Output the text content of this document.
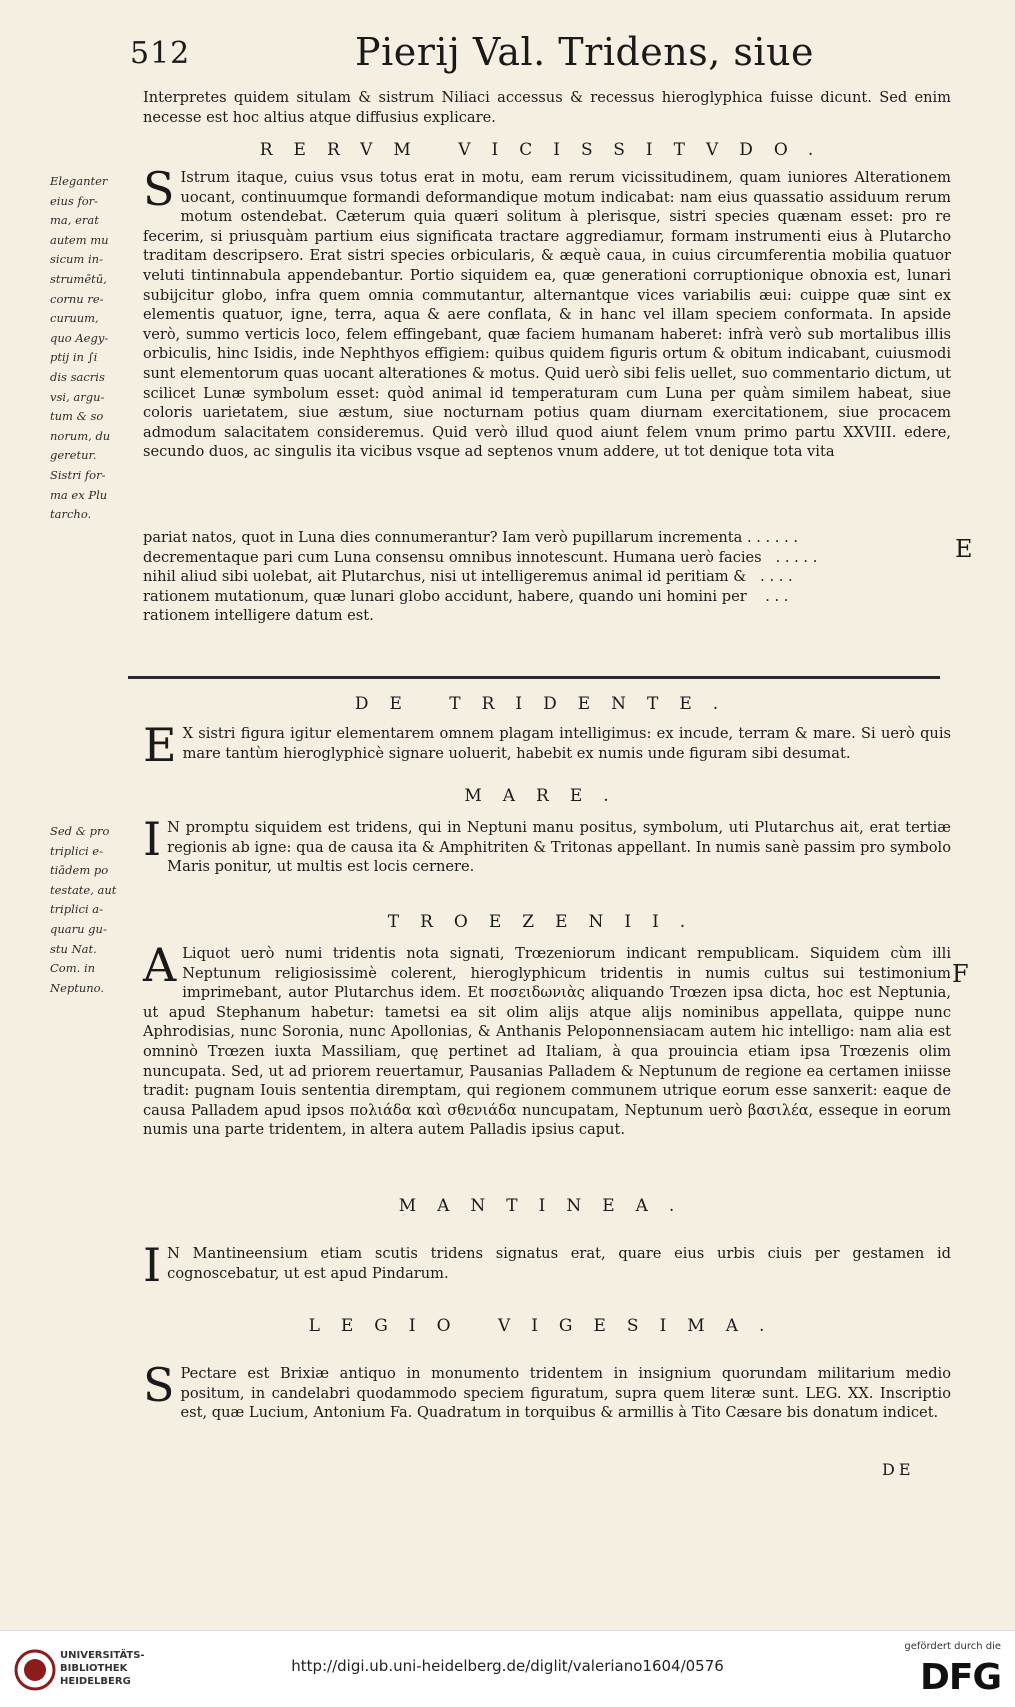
512	Pierij Val. Tridens, siue

Interpretes quidem situlam & sistrum Niliaci accessus & recessus hieroglyphica fuisse dicunt. Sed enim necesse est hoc altius atque diffusius explicare.

RERVM VICISSITVDO.
S Istrum itaque, cuius vsus totus erat in motu, eam rerum vicissitudinem, quam iuniores Alterationem uocant, continuumque formandi deformandique motum indicabat: nam eius quassatio assiduum rerum motum ostendebat. Cæterum quia quæri solitum à plerisque, sistri species quænam esset: pro re fecerim, si priusquàm partium eius significata tractare aggrediamur, formam instrumenti eius à Plutarcho traditam descripsero. Erat sistri species orbicularis, & æquè caua, in cuius circumferentia mobilia quatuor veluti tintinnabula appendebantur. Portio siquidem ea, quæ generationi corruptionique obnoxia est, lunari subijcitur globo, infra quem omnia commutantur, alternantque vices variabilis æui: cuippe quæ sint ex elementis quatuor, igne, terra, aqua & aere conflata, & in hanc vel illam speciem conformata. In apside verò, summo verticis loco, felem effingebant, quæ faciem humanam haberet: infrà verò sub mortalibus illis orbiculis, hinc Isidis, inde Nephthyos effigiem: quibus quidem figuris ortum & obitum indicabant, cuiusmodi sunt elementorum quas uocant alterationes & motus. Quid uerò sibi felis uellet, suo commentario dictum, ut scilicet Lunæ symbolum esset: quòd animal id temperaturam cum Luna per quàm similem habeat, siue coloris uarietatem, siue æstum, siue nocturnam potius quam diurnam exercitationem, siue procacem admodum salacitatem consideremus. Quid verò illud quod aiunt felem vnum primo partu XXVIII. edere, secundo duos, ac singulis ita vicibus vsque ad septenos vnum addere, ut tot denique tota vita

pariat natos, quot in Luna dies connumerantur? Iam verò pupillarum incrementa . . . . . .
decrementaque pari cum Luna consensu omnibus innotescunt. Humana uerò facies   . . . . .
nihil aliud sibi uolebat, ait Plutarchus, nisi ut intelligeremus animal id peritiam &   . . . .
rationem mutationum, quæ lunari globo accidunt, habere, quando uni homini per    . . .
rationem intelligere datum est.
Eleganter
eius for-
ma, erat
autem mu
sicum in-
strumētū,
cornu re-
curuum,
quo Aegy-
ptij in ∫i
dis sacris
vsi, argu-
tum & so
norum, du
geretur.
Sistri for-
ma ex Plu
tarcho.
E
DE TRIDENTE.
E X sistri figura igitur elementarem omnem plagam intelligimus: ex incude, terram & mare. Si uerò quis mare tantùm hieroglyphicè signare uoluerit, habebit ex numis unde figuram sibi desumat.

MARE.
I N promptu siquidem est tridens, qui in Neptuni manu positus, symbolum, uti Plutarchus ait, erat tertiæ regionis ab igne: qua de causa ita & Amphitriten & Tritonas appellant. In numis sanè passim pro symbolo Maris ponitur, ut multis est locis cernere.

Sed & pro
triplici e-
tiādem po
testate, aut
triplici a-
quaru gu-
stu Nat.
Com. in
Neptuno.
TROEZENII.
A Liquot uerò numi tridentis nota signati, Trœzeniorum indicant rempublicam. Siquidem cùm illi Neptunum religiosissimè colerent, hieroglyphicum tridentis in numis cultus sui testimonium imprimebant, autor Plutarchus idem. Et ποσειδωνιὰς aliquando Trœzen ipsa dicta, hoc est Neptunia, ut apud Stephanum habetur: tametsi ea sit olim alijs atque alijs nominibus appellata, quippe nunc Aphrodisias, nunc Soronia, nunc Apollonias, & Anthanis Peloponnensiacam autem hic intelligo: nam alia est omninò Trœzen iuxta Massiliam, quę pertinet ad Italiam, à qua prouincia etiam ipsa Trœzenis olim nuncupata. Sed, ut ad priorem reuertamur, Pausanias Palladem & Neptunum de regione ea certamen iniisse tradit: pugnam Iouis sententia diremptam, qui regionem communem utrique eorum esse sanxerit: eaque de causa Palladem apud ipsos πολιάδα καὶ σθενιάδα nuncupatam, Neptunum uerò βασιλέα, esseque in eorum numis una parte tridentem, in altera autem Palladis ipsius caput.

F
MANTINEA.
I N Mantineensium etiam scutis tridens signatus erat, quare eius urbis ciuis per gestamen id cognoscebatur, ut est apud Pindarum.

LEGIO VIGESIMA.
S Pectare est Brixiæ antiquo in monumento tridentem in insignium quorundam militarium medio positum, in candelabri quodammodo speciem figuratum, supra quem literæ sunt. LEG. XX. Inscriptio est, quæ Lucium, Antonium Fa. Quadratum in torquibus & armillis à Tito Cæsare bis donatum indicet.

DE
UNIVERSITÄTS-
BIBLIOTHEK
HEIDELBERG
http://digi.ub.uni-heidelberg.de/diglit/valeriano1604/0576
gefördert durch die
DFG
